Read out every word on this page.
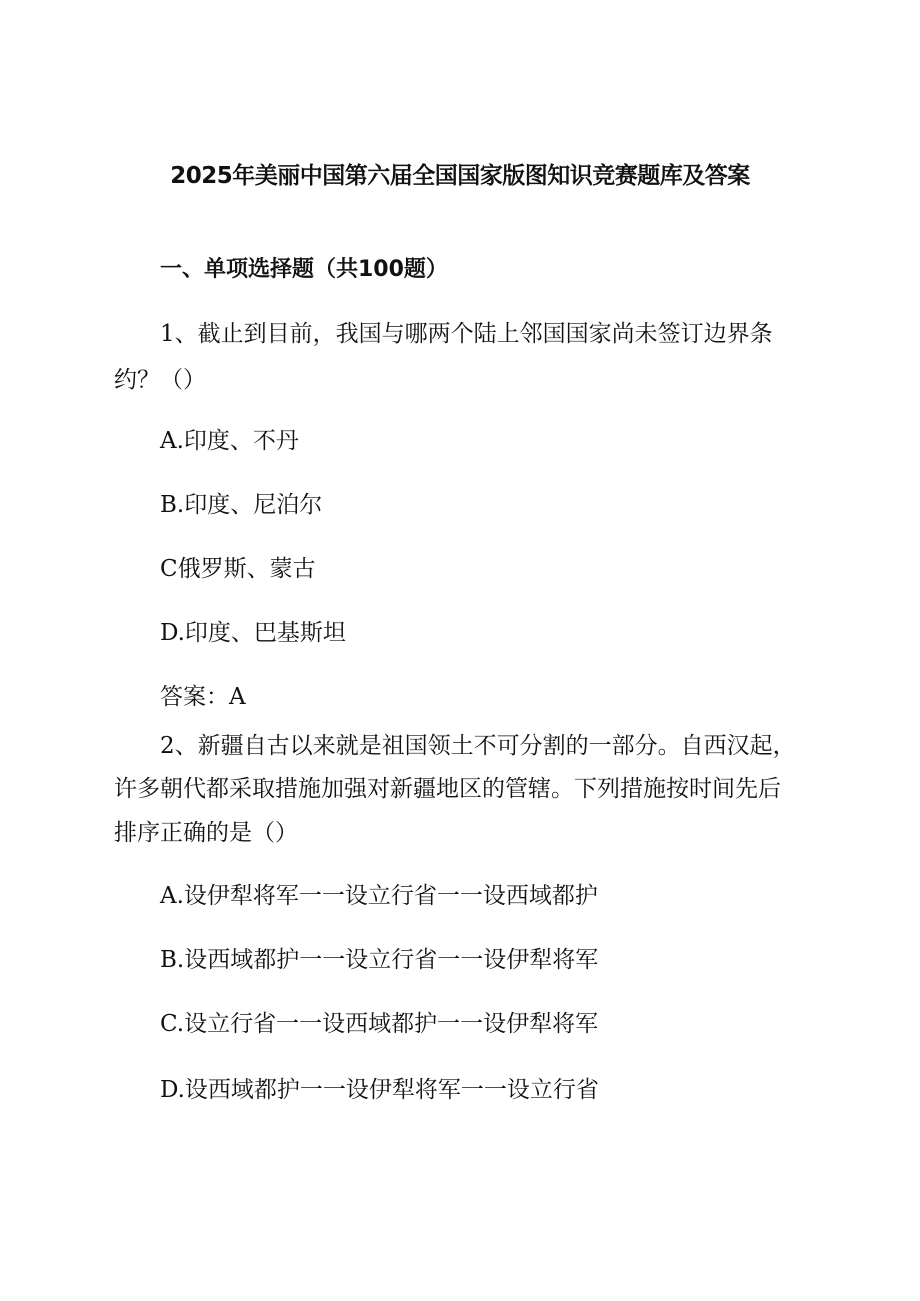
2025年美丽中国第六届全国国家版图知识竞赛题库及答案
一、单项选择题（共100题）

1、截止到目前，我国与哪两个陆上邻国国家尚未签订边界条

约？（）

A.印度、不丹

B.印度、尼泊尔

C俄罗斯、蒙古

D.印度、巴基斯坦

答案：A

2、新疆自古以来就是祖国领土不可分割的一部分。自西汉起，

许多朝代都采取措施加强对新疆地区的管辖。下列措施按时间先后

排序正确的是（）

A.设伊犁将军一一设立行省一一设西域都护

B.设西域都护一一设立行省一一设伊犁将军

C.设立行省一一设西域都护一一设伊犁将军

D.设西域都护一一设伊犁将军一一设立行省
